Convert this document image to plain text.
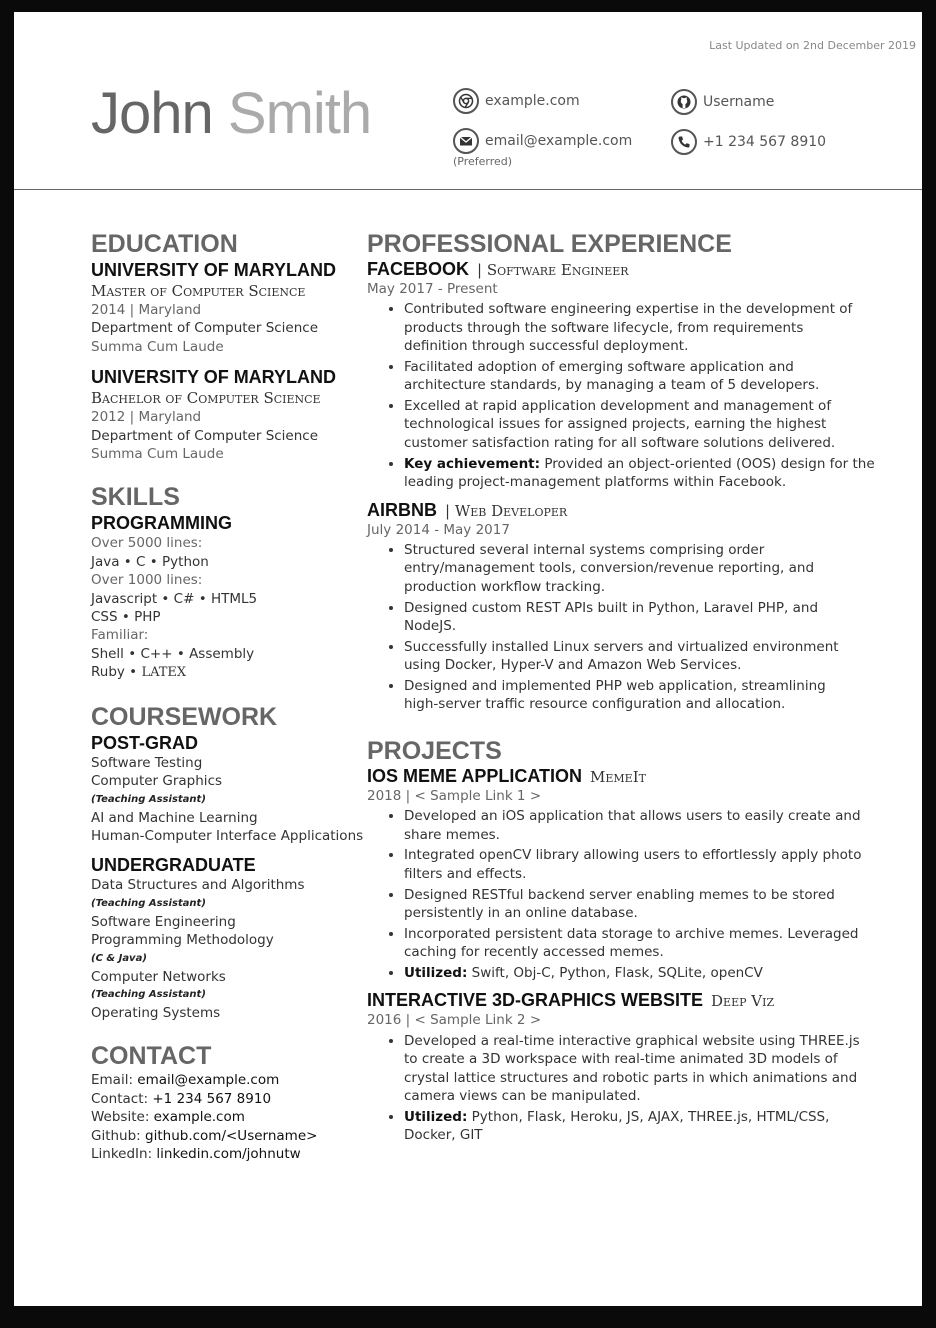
Last Updated on 2nd December 2019
John Smith	example.com
email@example.com
(Preferred)
Username
+1 234 567 8910
EDUCATION
UNIVERSITY OF MARYLAND
Master of Computer Science
2014 | Maryland
Department of Computer Science
Summa Cum Laude
UNIVERSITY OF MARYLAND
Bachelor of Computer Science
2012 | Maryland
Department of Computer Science
Summa Cum Laude
SKILLS
PROGRAMMING
Over 5000 lines:
Java • C • Python
Over 1000 lines:
Javascript • C# • HTML5
CSS • PHP
Familiar:
Shell • C++ • Assembly
Ruby • LATEX
COURSEWORK
POST-GRAD
Software Testing
Computer Graphics
(Teaching Assistant)
AI and Machine Learning
Human-Computer Interface Applications
UNDERGRADUATE
Data Structures and Algorithms
(Teaching Assistant)
Software Engineering
Programming Methodology
(C & Java)
Computer Networks
(Teaching Assistant)
Operating Systems
CONTACT
Email: email@example.com
Contact: +1 234 567 8910
Website: example.com
Github: github.com/<Username>
LinkedIn: linkedin.com/johnutw
PROFESSIONAL EXPERIENCE
FACEBOOK | Software Engineer
May 2017 - Present
• Contributed software engineering expertise in the development of
products through the software lifecycle, from requirements
definition through successful deployment.
• Facilitated adoption of emerging software application and
architecture standards, by managing a team of 5 developers.
• Excelled at rapid application development and management of
technological issues for assigned projects, earning the highest
customer satisfaction rating for all software solutions delivered.
• Key achievement: Provided an object-oriented (OOS) design for the
leading project-management platforms within Facebook.
AIRBNB | Web Developer
July 2014 - May 2017
• Structured several internal systems comprising order
entry/management tools, conversion/revenue reporting, and
production workflow tracking.
• Designed custom REST APIs built in Python, Laravel PHP, and
NodeJS.
• Successfully installed Linux servers and virtualized environment
using Docker, Hyper-V and Amazon Web Services.
• Designed and implemented PHP web application, streamlining
high-server traffic resource configuration and allocation.
PROJECTS
IOS MEME APPLICATION MemeIt
2018 | < Sample Link 1 >
• Developed an iOS application that allows users to easily create and
share memes.
• Integrated openCV library allowing users to effortlessly apply photo
filters and effects.
• Designed RESTful backend server enabling memes to be stored
persistently in an online database.
• Incorporated persistent data storage to archive memes. Leveraged
caching for recently accessed memes.
• Utilized: Swift, Obj-C, Python, Flask, SQLite, openCV
INTERACTIVE 3D-GRAPHICS WEBSITE Deep Viz
2016 | < Sample Link 2 >
• Developed a real-time interactive graphical website using THREE.js
to create a 3D workspace with real-time animated 3D models of
crystal lattice structures and robotic parts in which animations and
camera views can be manipulated.
• Utilized: Python, Flask, Heroku, JS, AJAX, THREE.js, HTML/CSS,
Docker, GIT
